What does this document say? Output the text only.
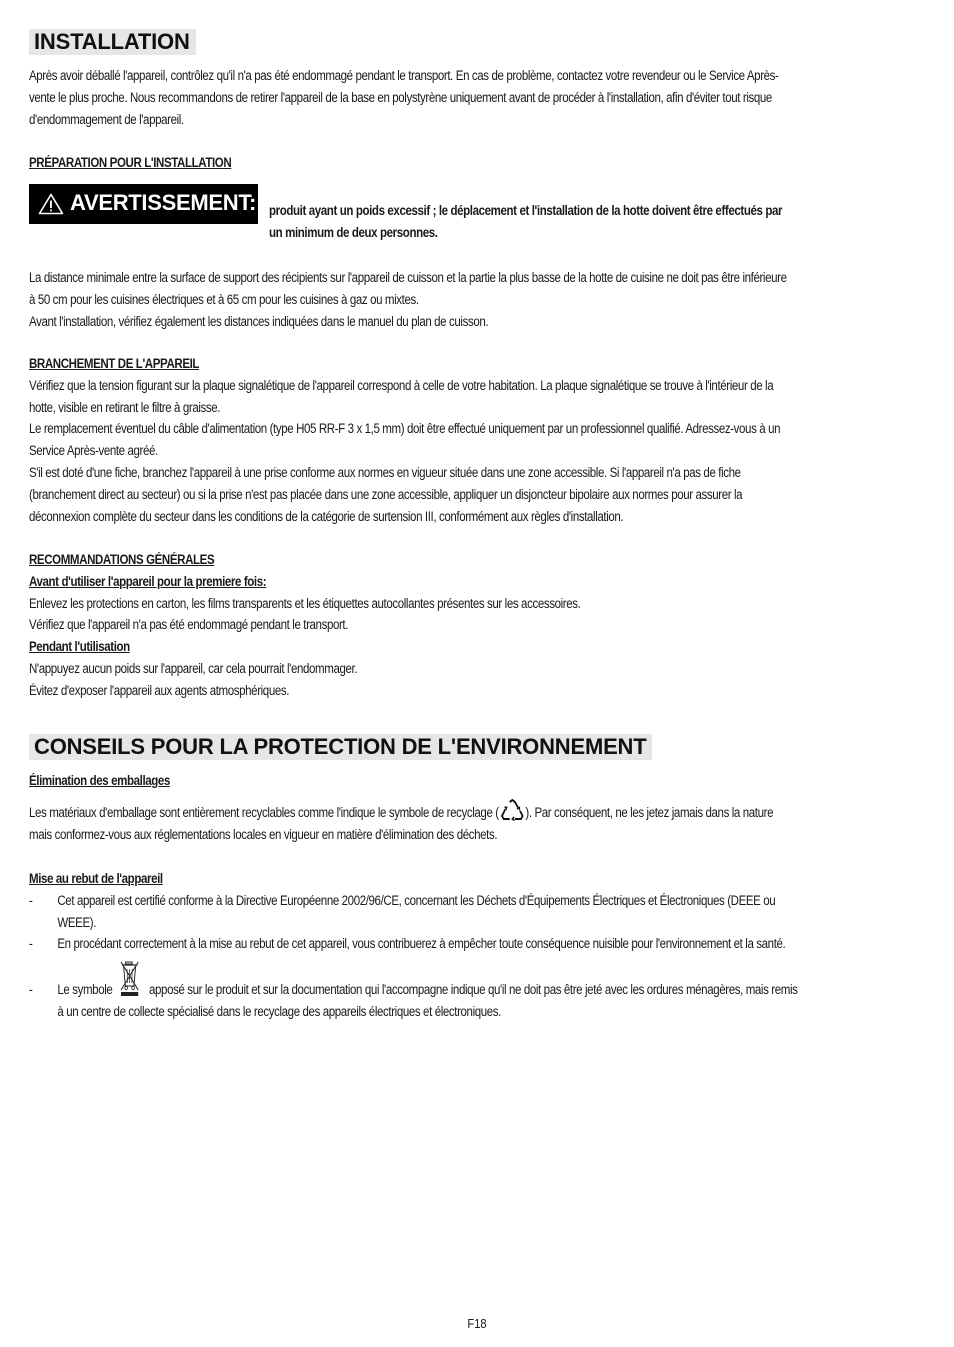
INSTALLATION
Après avoir déballé l'appareil, contrôlez qu'il n'a pas été endommagé pendant le transport. En cas de problème, contactez votre revendeur ou le Service Après-
vente le plus proche. Nous recommandons de retirer l'appareil de la base en polystyrène uniquement avant de procéder à l'installation, afin d'éviter tout risque
d'endommagement de l'appareil.
PRÉPARATION POUR L'INSTALLATION
AVERTISSEMENT: produit ayant un poids excessif ; le déplacement et l'installation de la hotte doivent être effectués par
un minimum de deux personnes.
La distance minimale entre la surface de support des récipients sur l'appareil de cuisson et la partie la plus basse de la hotte de cuisine ne doit pas être inférieure
à 50 cm pour les cuisines électriques et à 65 cm pour les cuisines à gaz ou mixtes.
Avant l'installation, vérifiez également les distances indiquées dans le manuel du plan de cuisson.
BRANCHEMENT DE L'APPAREIL
Vérifiez que la tension figurant sur la plaque signalétique de l'appareil correspond à celle de votre habitation. La plaque signalétique se trouve à l'intérieur de la
hotte, visible en retirant le filtre à graisse.
Le remplacement éventuel du câble d'alimentation (type H05 RR-F 3 x 1,5 mm) doit être effectué uniquement par un professionnel qualifié. Adressez-vous à un
Service Après-vente agréé.
S'il est doté d'une fiche, branchez l'appareil à une prise conforme aux normes en vigueur située dans une zone accessible. Si l'appareil n'a pas de fiche
(branchement direct au secteur) ou si la prise n'est pas placée dans une zone accessible, appliquer un disjoncteur bipolaire aux normes pour assurer la
déconnexion complète du secteur dans les conditions de la catégorie de surtension III, conformément aux règles d'installation.
RECOMMANDATIONS GÉNÉRALES
Avant d'utiliser l'appareil pour la premiere fois:
Enlevez les protections en carton, les films transparents et les étiquettes autocollantes présentes sur les accessoires.
Vérifiez que l'appareil n'a pas été endommagé pendant le transport.
Pendant l'utilisation
N'appuyez aucun poids sur l'appareil, car cela pourrait l'endommager.
Évitez d'exposer l'appareil aux agents atmosphériques.
CONSEILS POUR LA PROTECTION DE L'ENVIRONNEMENT
Élimination des emballages
Les matériaux d'emballage sont entièrement recyclables comme l'indique le symbole de recyclage ( ). Par conséquent, ne les jetez jamais dans la nature
mais conformez-vous aux réglementations locales en vigueur en matière d'élimination des déchets.
Mise au rebut de l'appareil
- Cet appareil est certifié conforme à la Directive Européenne 2002/96/CE, concernant les Déchets d'Équipements Électriques et Électroniques (DEEE ou
WEEE).
- En procédant correctement à la mise au rebut de cet appareil, vous contribuerez à empêcher toute conséquence nuisible pour l'environnement et la santé.
- Le symbole	apposé sur le produit et sur la documentation qui l'accompagne indique qu'il ne doit pas être jeté avec les ordures ménagères, mais remis
à un centre de collecte spécialisé dans le recyclage des appareils électriques et électroniques.
F18
